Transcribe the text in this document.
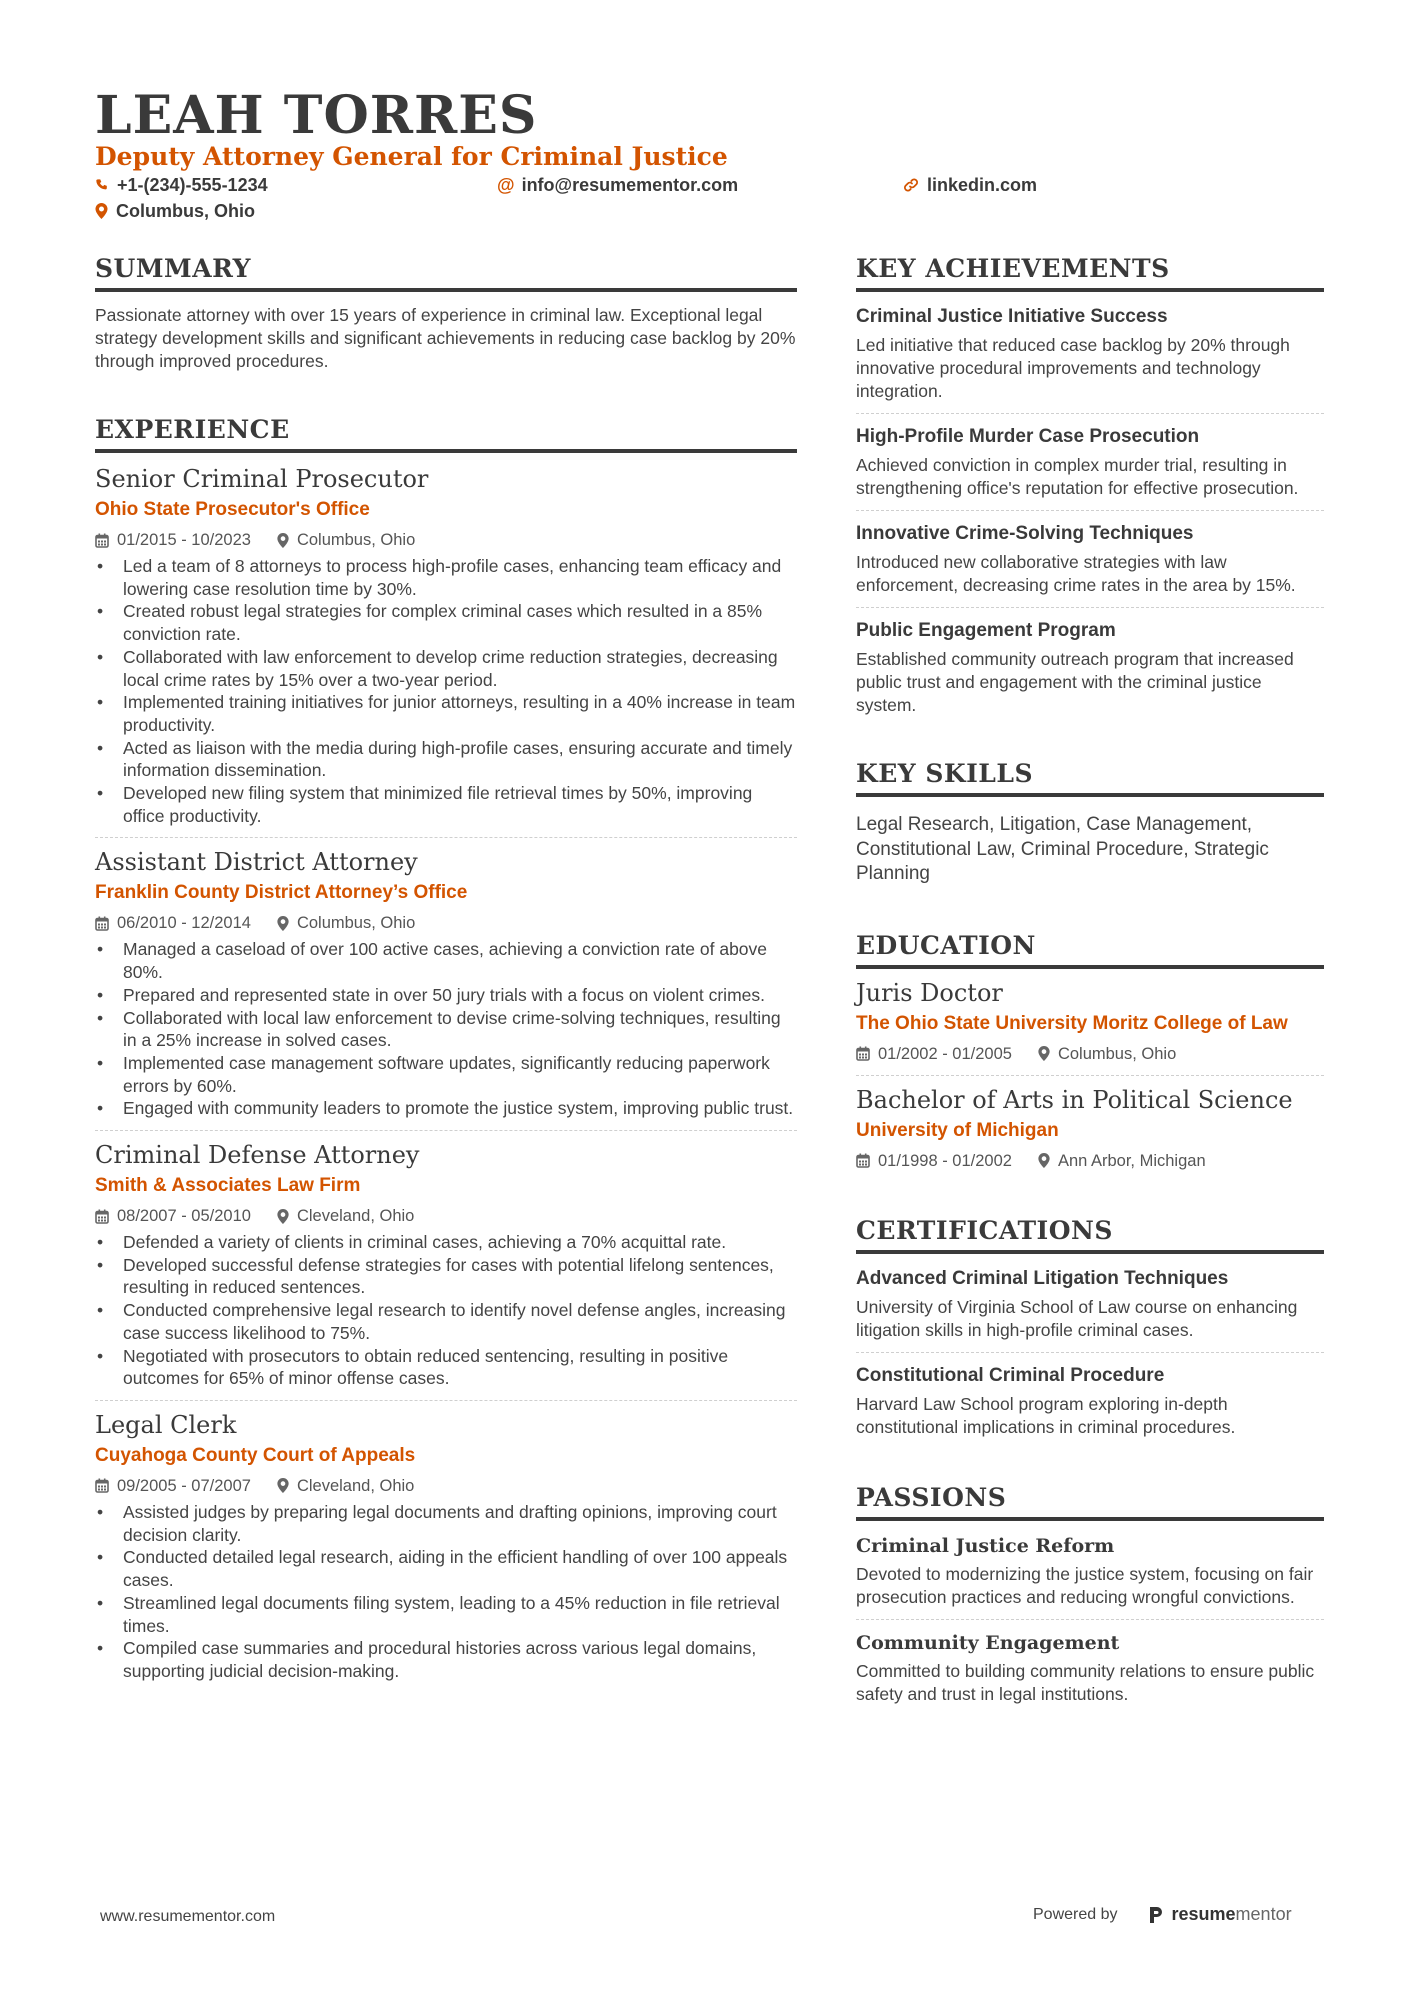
LEAH TORRES
Deputy Attorney General for Criminal Justice
+1-(234)-555-1234	@ info@resumementor.com	linkedin.com
Columbus, Ohio
SUMMARY
Passionate attorney with over 15 years of experience in criminal law. Exceptional legal strategy development skills and significant achievements in reducing case backlog by 20% through improved procedures.
EXPERIENCE
Senior Criminal Prosecutor
Ohio State Prosecutor's Office
01/2015 - 10/2023	Columbus, Ohio
• Led a team of 8 attorneys to process high-profile cases, enhancing team efficacy and lowering case resolution time by 30%.
• Created robust legal strategies for complex criminal cases which resulted in a 85% conviction rate.
• Collaborated with law enforcement to develop crime reduction strategies, decreasing local crime rates by 15% over a two-year period.
• Implemented training initiatives for junior attorneys, resulting in a 40% increase in team productivity.
• Acted as liaison with the media during high-profile cases, ensuring accurate and timely information dissemination.
• Developed new filing system that minimized file retrieval times by 50%, improving office productivity.
Assistant District Attorney
Franklin County District Attorney’s Office
06/2010 - 12/2014	Columbus, Ohio
• Managed a caseload of over 100 active cases, achieving a conviction rate of above 80%.
• Prepared and represented state in over 50 jury trials with a focus on violent crimes.
• Collaborated with local law enforcement to devise crime-solving techniques, resulting in a 25% increase in solved cases.
• Implemented case management software updates, significantly reducing paperwork errors by 60%.
• Engaged with community leaders to promote the justice system, improving public trust.
Criminal Defense Attorney
Smith & Associates Law Firm
08/2007 - 05/2010	Cleveland, Ohio
• Defended a variety of clients in criminal cases, achieving a 70% acquittal rate.
• Developed successful defense strategies for cases with potential lifelong sentences, resulting in reduced sentences.
• Conducted comprehensive legal research to identify novel defense angles, increasing case success likelihood to 75%.
• Negotiated with prosecutors to obtain reduced sentencing, resulting in positive outcomes for 65% of minor offense cases.
Legal Clerk
Cuyahoga County Court of Appeals
09/2005 - 07/2007	Cleveland, Ohio
• Assisted judges by preparing legal documents and drafting opinions, improving court decision clarity.
• Conducted detailed legal research, aiding in the efficient handling of over 100 appeals cases.
• Streamlined legal documents filing system, leading to a 45% reduction in file retrieval times.
• Compiled case summaries and procedural histories across various legal domains, supporting judicial decision-making.
KEY ACHIEVEMENTS
Criminal Justice Initiative Success
Led initiative that reduced case backlog by 20% through innovative procedural improvements and technology integration.
High-Profile Murder Case Prosecution
Achieved conviction in complex murder trial, resulting in strengthening office's reputation for effective prosecution.
Innovative Crime-Solving Techniques
Introduced new collaborative strategies with law enforcement, decreasing crime rates in the area by 15%.
Public Engagement Program
Established community outreach program that increased public trust and engagement with the criminal justice system.
KEY SKILLS
Legal Research, Litigation, Case Management, Constitutional Law, Criminal Procedure, Strategic Planning
EDUCATION
Juris Doctor
The Ohio State University Moritz College of Law
01/2002 - 01/2005	Columbus, Ohio
Bachelor of Arts in Political Science
University of Michigan
01/1998 - 01/2002	Ann Arbor, Michigan
CERTIFICATIONS
Advanced Criminal Litigation Techniques
University of Virginia School of Law course on enhancing litigation skills in high-profile criminal cases.
Constitutional Criminal Procedure
Harvard Law School program exploring in-depth constitutional implications in criminal procedures.
PASSIONS
Criminal Justice Reform
Devoted to modernizing the justice system, focusing on fair prosecution practices and reducing wrongful convictions.
Community Engagement
Committed to building community relations to ensure public safety and trust in legal institutions.
www.resumementor.com	Powered by	resumementor
